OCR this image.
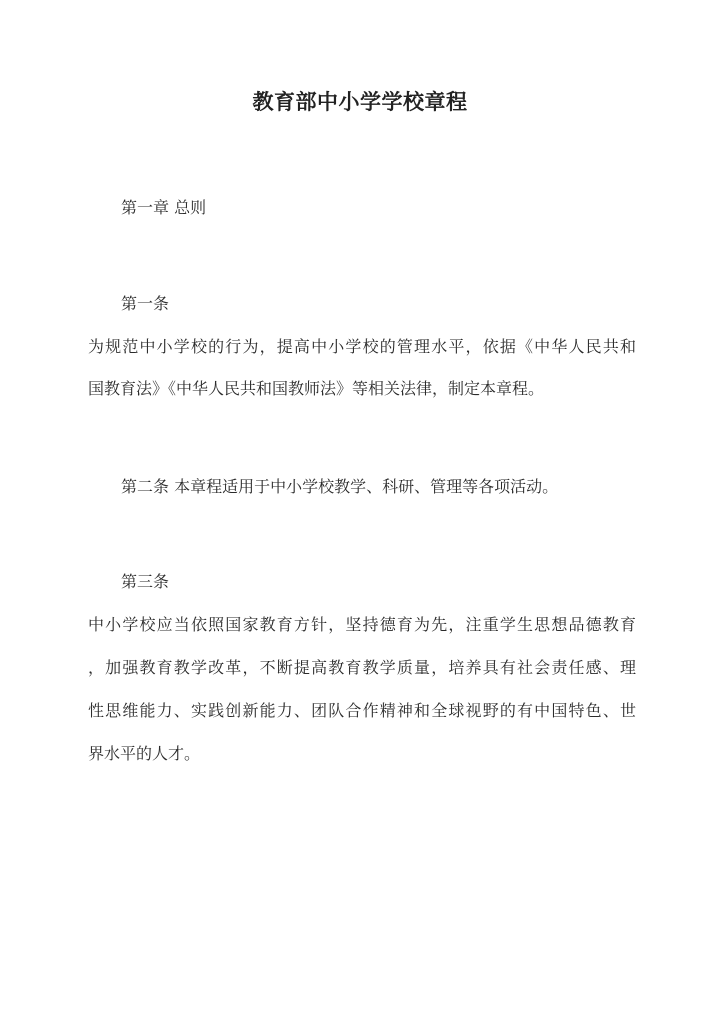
教育部中小学学校章程
第一章 总则
第一条
为规范中小学校的行为，提高中小学校的管理水平，依据《中华人民共和
国教育法》《中华人民共和国教师法》等相关法律，制定本章程。
第二条 本章程适用于中小学校教学、科研、管理等各项活动。
第三条
中小学校应当依照国家教育方针，坚持德育为先，注重学生思想品德教育
，加强教育教学改革，不断提高教育教学质量，培养具有社会责任感、理
性思维能力、实践创新能力、团队合作精神和全球视野的有中国特色、世
界水平的人才。
